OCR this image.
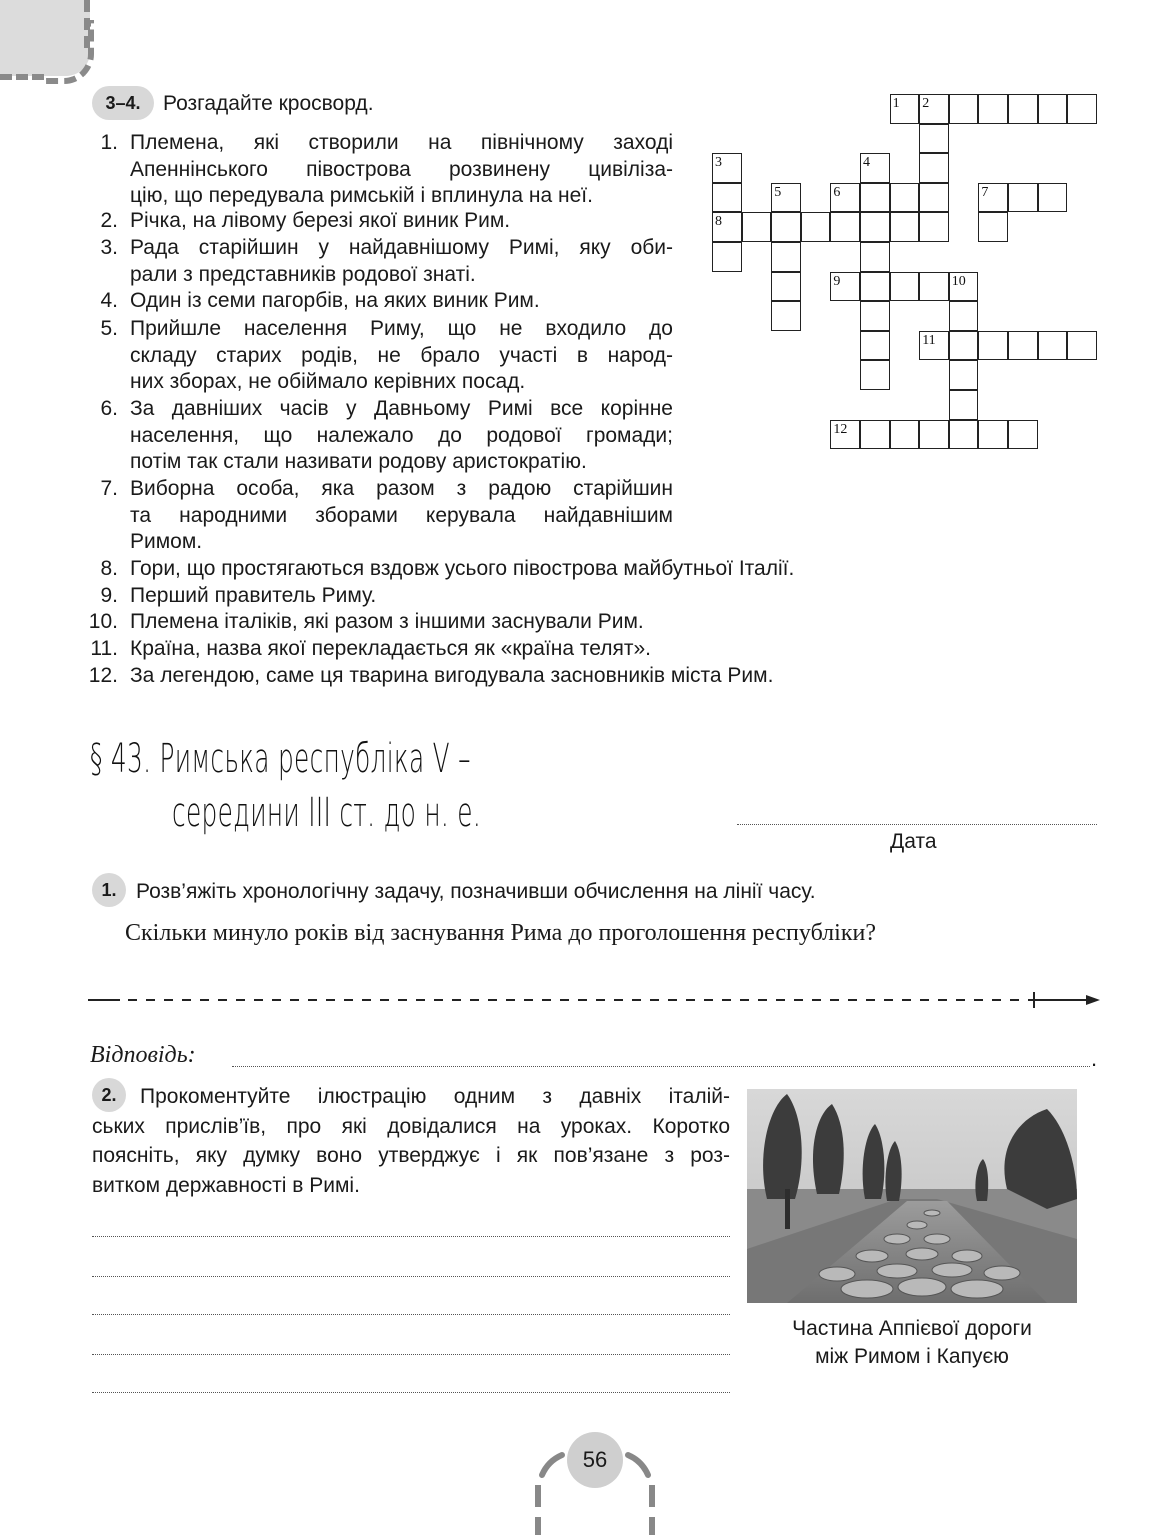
3–4.	Розгадайте кросворд.
1. Племена, які створили на північному заході
Апеннінського півострова розвинену цивіліза-
цію, що передувала римській і вплинула на неї.
2. Річка, на лівому березі якої виник Рим.
3. Рада старійшин у найдавнішому Римі, яку оби-
рали з представників родової знаті.
4. Один із семи пагорбів, на яких виник Рим.
5. Прийшле населення Риму, що не входило до
складу старих родів, не брало участі в народ-
них зборах, не обіймало керівних посад.
6. За давніших часів у Давньому Римі все корінне
населення, що належало до родової громади;
потім так стали називати родову аристократію.
7. Виборна особа, яка разом з радою старійшин
та народними зборами керувала найдавнішим
Римом.
8. Гори, що простягаються вздовж усього півострова майбутньої Італії.
9. Перший правитель Риму.
10. Племена італіків, які разом з іншими заснували Рим.
11. Країна, назва якої перекладається як «країна телят».
12. За легендою, саме ця тварина вигодувала засновників міста Рим.
1 2
3	4
5	6	7
8
9	10
11
12
§ 43. Римська республіка V –
середини III ст. до н. е.
Дата
1. Розв’яжіть хронологічну задачу, позначивши обчислення на лінії часу.
Скільки минуло років від заснування Рима до проголошення республіки?
Відповідь:	.
2.	Прокоментуйте ілюстрацію одним з давніх італій-
ських прислів’їв, про які довідалися на уроках. Коротко
поясніть, яку думку воно утверджує і як пов’язане з роз-
витком державності в Римі.
Частина Аппієвої дороги
між Римом і Капуєю
56
